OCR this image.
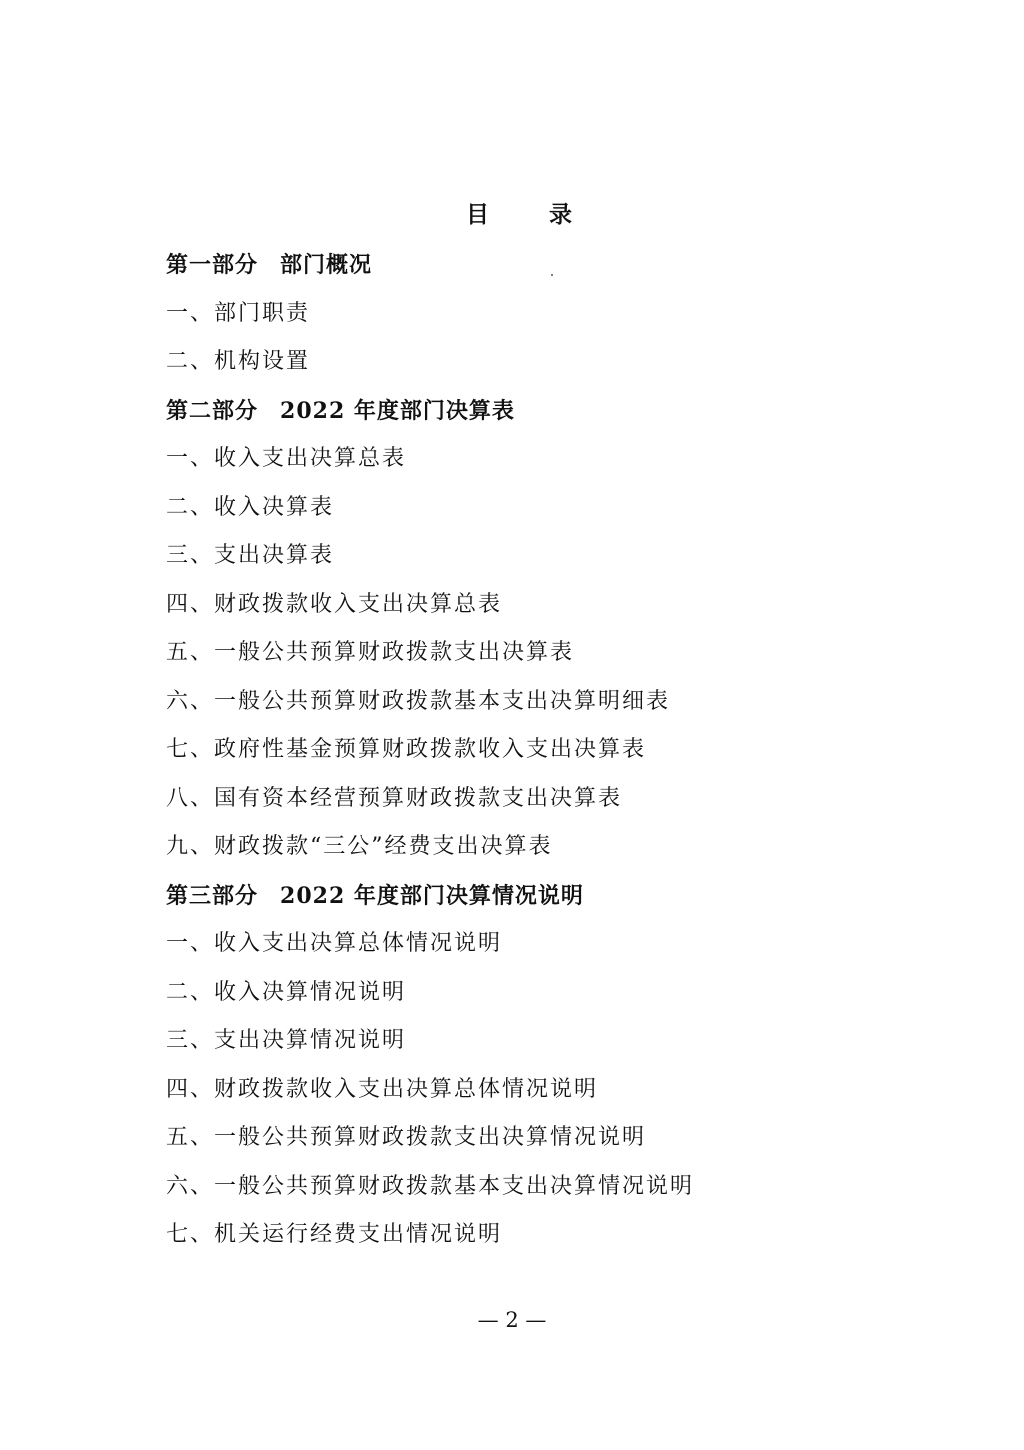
目 录
第一部分 部门概况
一、部门职责
二、机构设置
第二部分 2022 年度部门决算表
一、收入支出决算总表
二、收入决算表
三、支出决算表
四、财政拨款收入支出决算总表
五、一般公共预算财政拨款支出决算表
六、一般公共预算财政拨款基本支出决算明细表
七、政府性基金预算财政拨款收入支出决算表
八、国有资本经营预算财政拨款支出决算表
九、财政拨款“三公”经费支出决算表
第三部分 2022 年度部门决算情况说明
一、收入支出决算总体情况说明
二、收入决算情况说明
三、支出决算情况说明
四、财政拨款收入支出决算总体情况说明
五、一般公共预算财政拨款支出决算情况说明
六、一般公共预算财政拨款基本支出决算情况说明
七、机关运行经费支出情况说明
— 2 —
